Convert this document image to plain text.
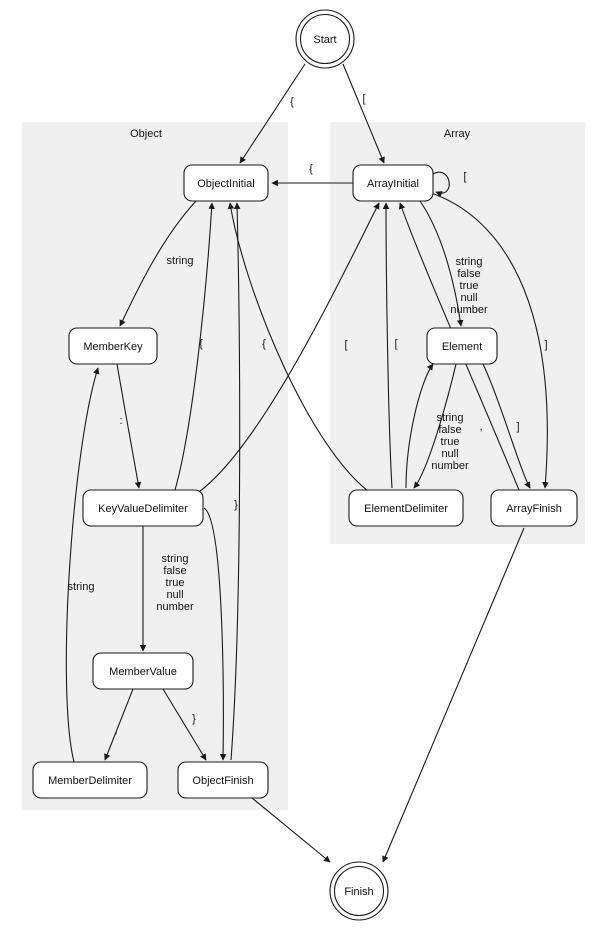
Object	Array
{	[
{
[
string
:
{	[
string false true null number
,
}
string
}
string false true null number
,
string false true null number
]
[
{	]
Start
Finish
ObjectInitial	ArrayInitial
MemberKey	Element
KeyValueDelimiter	ElementDelimiter	ArrayFinish
MemberValue
MemberDelimiter	ObjectFinish
